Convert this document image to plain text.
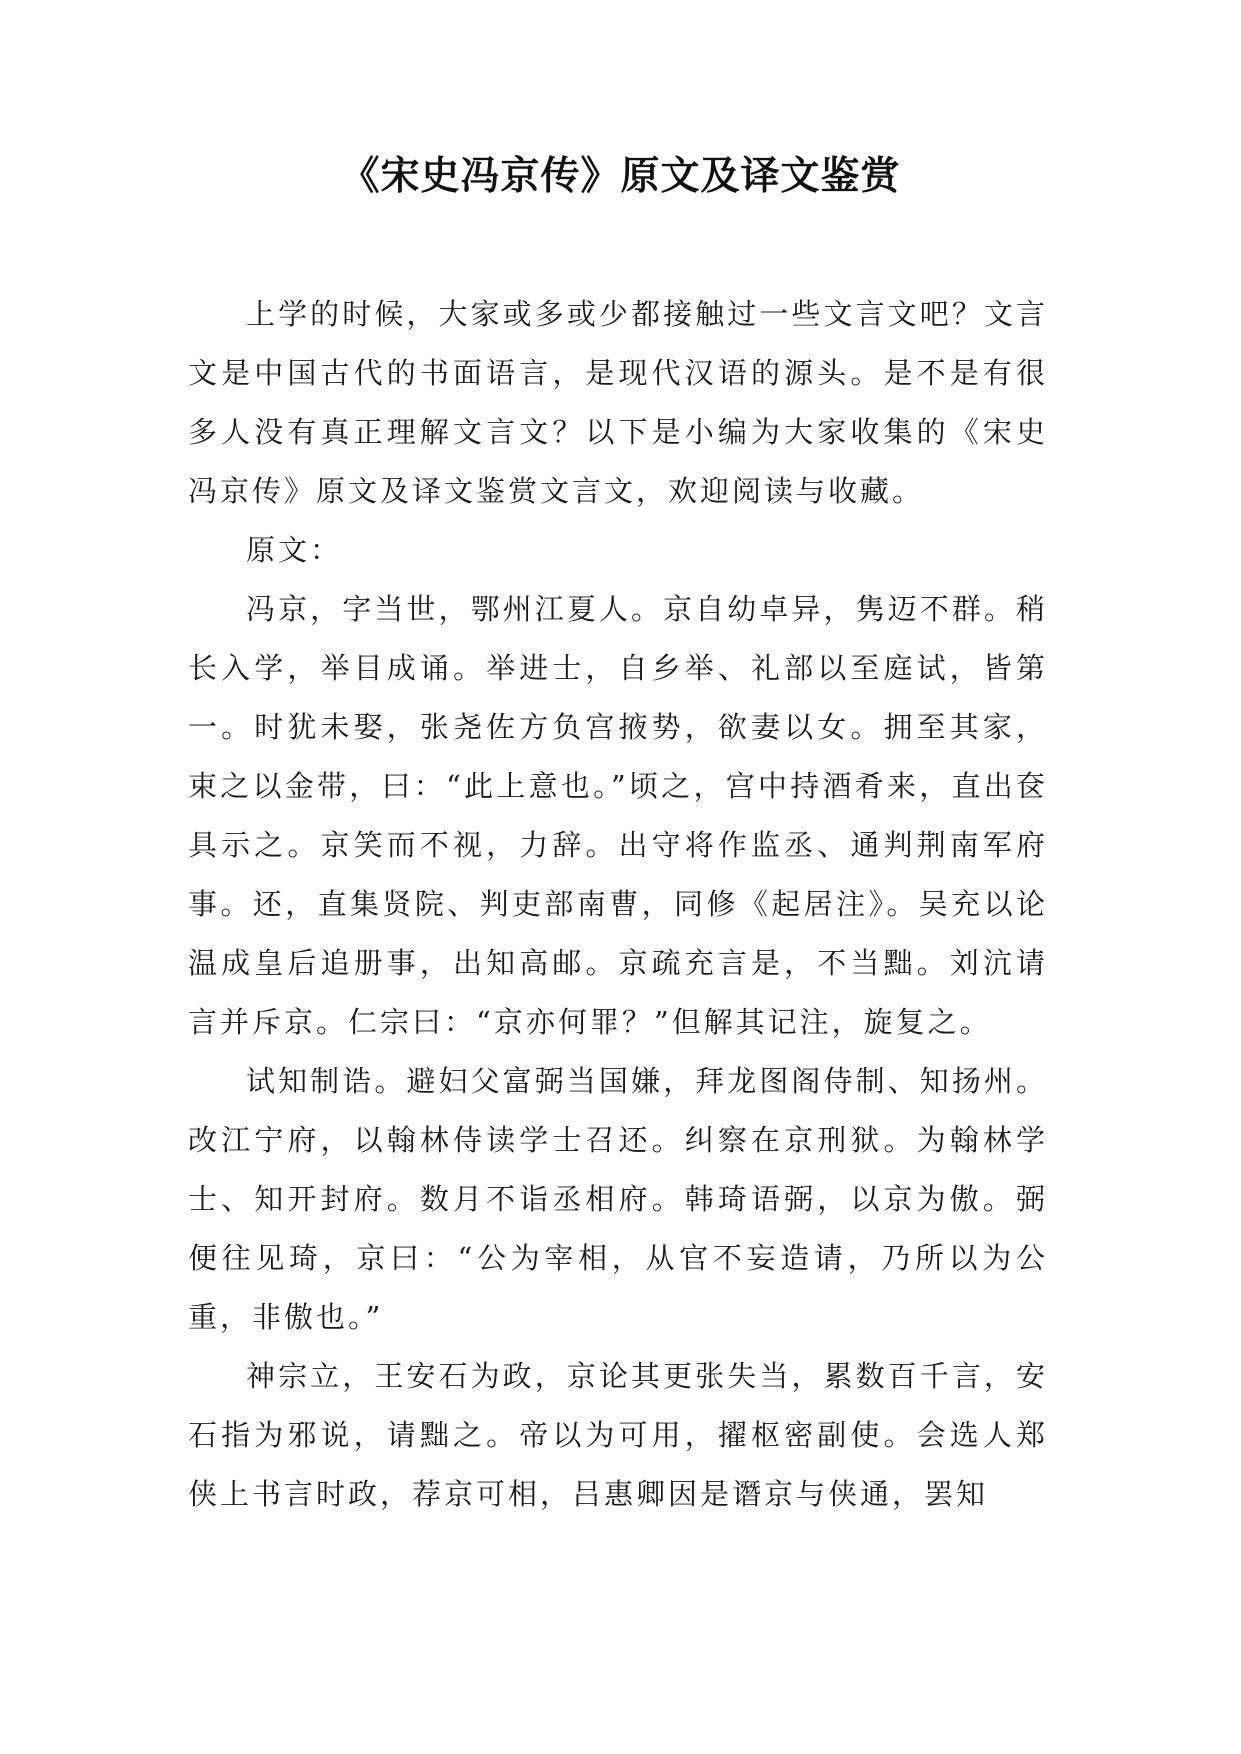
《宋史冯京传》原文及译文鉴赏

上学的时候，大家或多或少都接触过一些文言文吧？文言文是中国古代的书面语言，是现代汉语的源头。是不是有很多人没有真正理解文言文？以下是小编为大家收集的《宋史冯京传》原文及译文鉴赏文言文，欢迎阅读与收藏。

原文：

冯京，字当世，鄂州江夏人。京自幼卓异，隽迈不群。稍长入学，举目成诵。举进士，自乡举、礼部以至庭试，皆第一。时犹未娶，张尧佐方负宫掖势，欲妻以女。拥至其家，束之以金带，曰：“此上意也。”顷之，宫中持酒肴来，直出奁具示之。京笑而不视，力辞。出守将作监丞、通判荆南军府事。还，直集贤院、判吏部南曹，同修《起居注》。吴充以论温成皇后追册事，出知高邮。京疏充言是，不当黜。刘沆请言并斥京。仁宗曰：“京亦何罪？”但解其记注，旋复之。

试知制诰。避妇父富弼当国嫌，拜龙图阁侍制、知扬州。改江宁府，以翰林侍读学士召还。纠察在京刑狱。为翰林学士、知开封府。数月不诣丞相府。韩琦语弼，以京为傲。弼便往见琦，京曰：“公为宰相，从官不妄造请，乃所以为公重，非傲也。”

神宗立，王安石为政，京论其更张失当，累数百千言，安石指为邪说，请黜之。帝以为可用，擢枢密副使。会选人郑侠上书言时政，荐京可相，吕惠卿因是谮京与侠通，罢知
